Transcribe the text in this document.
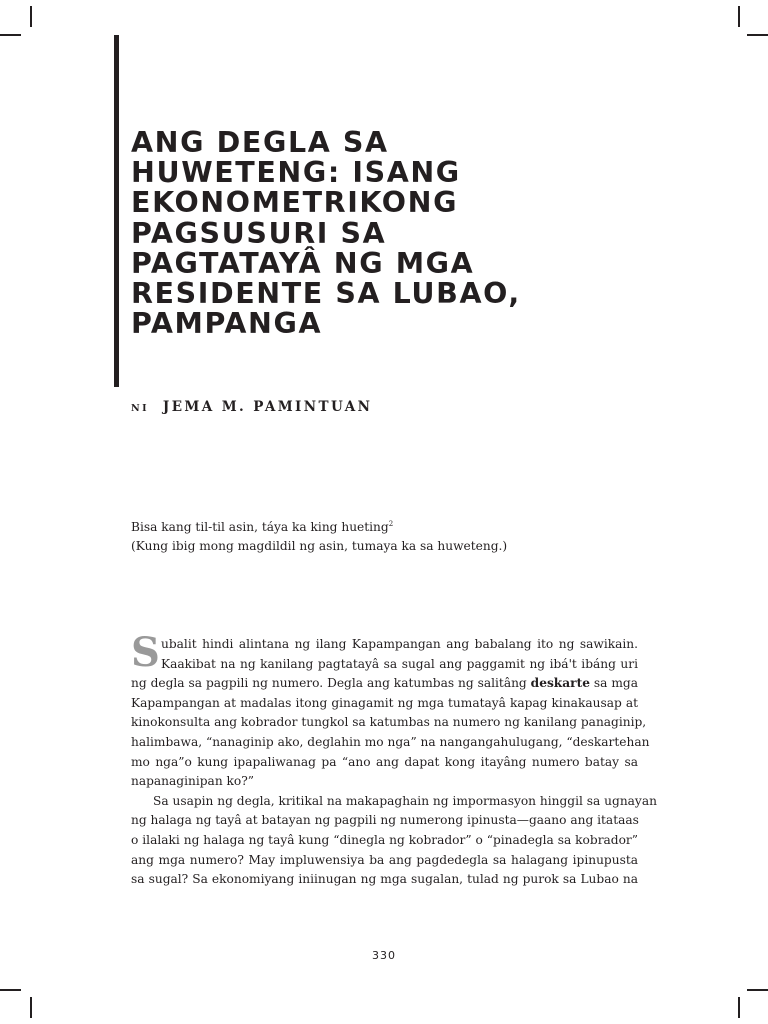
ANG DEGLA SA
HUWETENG: ISANG
EKONOMETRIKONG
PAGSUSURI SA
PAGTATAYÂ NG MGA
RESIDENTE SA LUBAO,
PAMPANGA
NI JEMA M. PAMINTUAN
Bisa kang til-til asin, táya ka king hueting$^2$
(Kung ibig mong magdildil ng asin, tumaya ka sa huweteng.)
S ubalit hindi alintana ng ilang Kapampangan ang babalang ito ng sawikain.
Kaakibat na ng kanilang pagtatayâ sa sugal ang paggamit ng ibá't ibáng uri
ng degla sa pagpili ng numero. Degla ang katumbas ng salitâng deskarte sa mga
Kapampangan at madalas itong ginagamit ng mga tumatayâ kapag kinakausap at
kinokonsulta ang kobrador tungkol sa katumbas na numero ng kanilang panaginip,
halimbawa, “nanaginip ako, deglahin mo nga” na nangangahulugang, “deskartehan
mo nga”o kung ipapaliwanag pa “ano ang dapat kong itayâng numero batay sa
napanaginipan ko?”
Sa usapin ng degla, kritikal na makapaghain ng impormasyon hinggil sa ugnayan
ng halaga ng tayâ at batayan ng pagpili ng numerong ipinusta—gaano ang itataas
o ilalaki ng halaga ng tayâ kung “dinegla ng kobrador” o “pinadegla sa kobrador”
ang mga numero? May impluwensiya ba ang pagdedegla sa halagang ipinupusta
sa sugal? Sa ekonomiyang iniinugan ng mga sugalan, tulad ng purok sa Lubao na
330
